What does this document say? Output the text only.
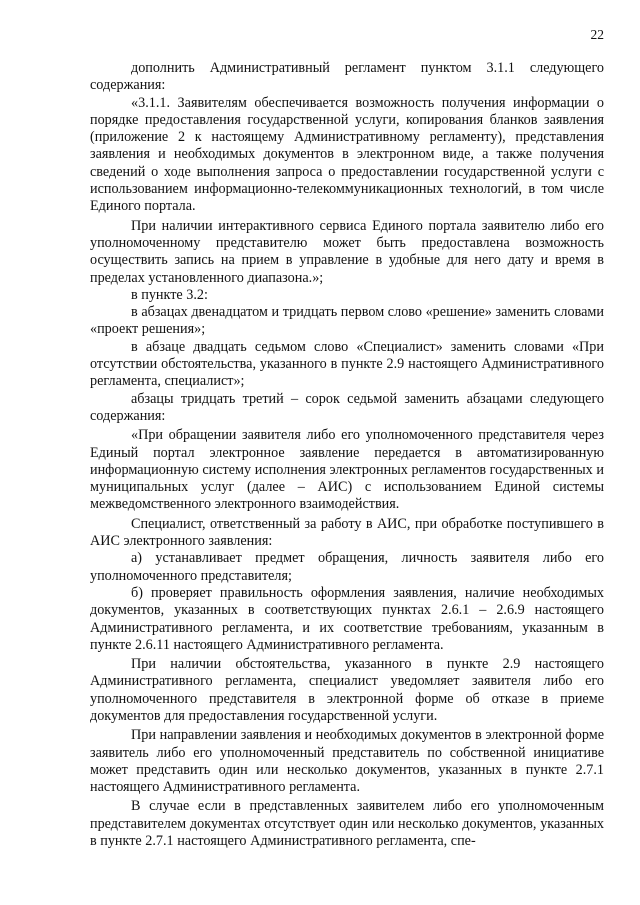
22

дополнить Административный регламент пунктом 3.1.1 следующего содержания:

«3.1.1. Заявителям обеспечивается возможность получения информации о порядке предоставления государственной услуги, копирования бланков заявления (приложение 2 к настоящему Административному регламенту), представления заявления и необходимых документов в электронном виде, а также получения сведений о ходе выполнения запроса о предоставлении государственной услуги с использованием информационно-телекоммуникационных технологий, в том числе Единого портала.

При наличии интерактивного сервиса Единого портала заявителю либо его уполномоченному представителю может быть предоставлена возможность осуществить запись на прием в управление в удобные для него дату и время в пределах установленного диапазона.»;

в пункте 3.2:

в абзацах двенадцатом и тридцать первом слово «решение» заменить словами «проект решения»;

в абзаце двадцать седьмом слово «Специалист» заменить словами «При отсутствии обстоятельства, указанного в пункте 2.9 настоящего Административного регламента, специалист»;

абзацы тридцать третий – сорок седьмой заменить абзацами следующего содержания:

«При обращении заявителя либо его уполномоченного представителя через Единый портал электронное заявление передается в автоматизированную информационную систему исполнения электронных регламентов государственных и муниципальных услуг (далее – АИС) с использованием Единой системы межведомственного электронного взаимодействия.

Специалист, ответственный за работу в АИС, при обработке поступившего в АИС электронного заявления:

а) устанавливает предмет обращения, личность заявителя либо его уполномоченного представителя;

б) проверяет правильность оформления заявления, наличие необходимых документов, указанных в соответствующих пунктах 2.6.1 – 2.6.9 настоящего Административного регламента, и их соответствие требованиям, указанным в пункте 2.6.11 настоящего Административного регламента.

При наличии обстоятельства, указанного в пункте 2.9 настоящего Административного регламента, специалист уведомляет заявителя либо его уполномоченного представителя в электронной форме об отказе в приеме документов для предоставления государственной услуги.

При направлении заявления и необходимых документов в электронной форме заявитель либо его уполномоченный представитель по собственной инициативе может представить один или несколько документов, указанных в пункте 2.7.1 настоящего Административного регламента.

В случае если в представленных заявителем либо его уполномоченным представителем документах отсутствует один или несколько документов, указанных в пункте 2.7.1 настоящего Административного регламента, спе-
